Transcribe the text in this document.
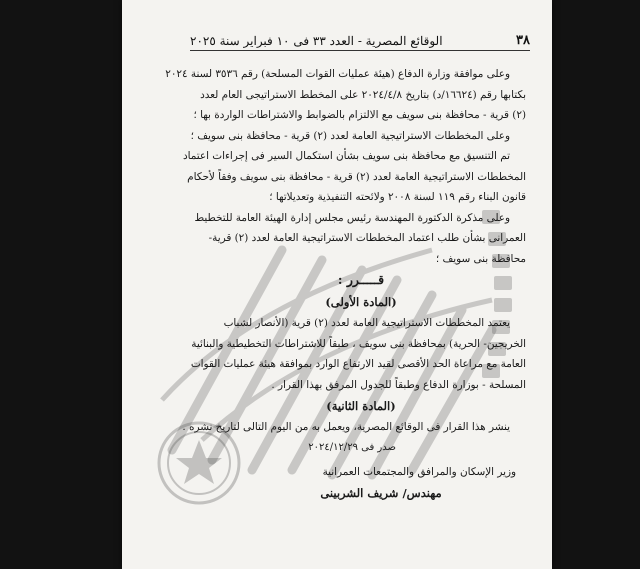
٣٨
الوقائع المصرية - العدد ٣٣ فى ١٠ فبراير سنة ٢٠٢٥
وعلى موافقة وزارة الدفاع (هيئة عمليات القوات المسلحة) رقم ٣٥٣٦ لسنة ٢٠٢٤
بكتابها رقم (١٦٦٢٤/د) بتاريخ ٢٠٢٤/٤/٨ على المخطط الاستراتيجى العام لعدد
(٢) قرية - محافظة بنى سويف مع الالتزام بالضوابط والاشتراطات الواردة بها ؛
وعلى المخططات الاستراتيجية العامة لعدد (٢) قرية - محافظة بنى سويف ؛
تم التنسيق مع محافظة بنى سويف بشأن استكمال السير فى إجراءات اعتماد
المخططات الاستراتيجية العامة لعدد (٢) قرية - محافظة بنى سويف وفقاً لأحكام
قانون البناء رقم ١١٩ لسنة ٢٠٠٨ ولائحته التنفيذية وتعديلاتها ؛
وعلى مذكرة الدكتورة المهندسة رئيس مجلس إدارة الهيئة العامة للتخطيط
العمرانى بشأن طلب اعتماد المخططات الاستراتيجية العامة لعدد (٢) قرية-
محافظة بنى سويف ؛

قـــــرر :

(المادة الأولى)

يعتمد المخططات الاستراتيجية العامة لعدد (٢) قرية (الأنصار لشباب
الخريجين- الحرية) بمحافظة بنى سويف ، طبقاً للاشتراطات التخطيطية والبنائية
العامة مع مراعاة الحد الأقصى لقيد الارتفاع الوارد بموافقة هيئة عمليات القوات
المسلحة - بوزارة الدفاع وطبقاً للجدول المرفق بهذا القرار .

(المادة الثانية)

ينشر هذا القرار فى الوقائع المصرية، ويعمل به من اليوم التالى لتاريخ نشره .
صدر فى ٢٠٢٤/١٢/٢٩
وزير الإسكان والمرافق والمجتمعات العمرانية

مهندس/ شريف الشربينى
